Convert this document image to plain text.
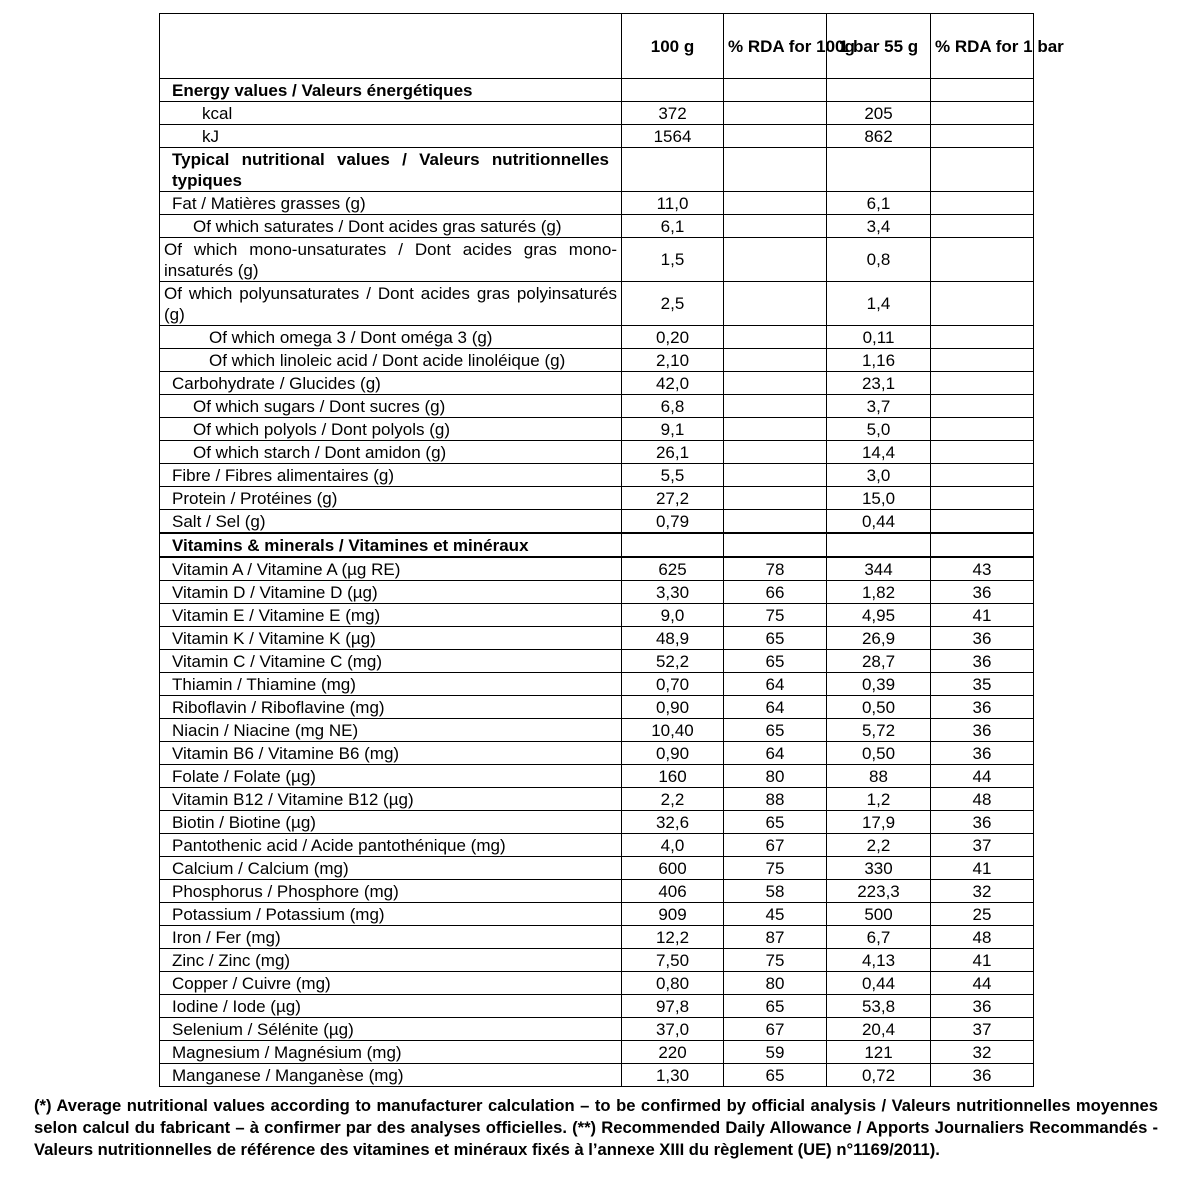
	100 g	% RDA for 100g	1 bar 55 g	% RDA for 1 bar
Energy values / Valeurs énergétiques				
kcal	372		205	
kJ	1564		862	
Typical nutritional values / Valeurs nutritionnelles typiques				
Fat / Matières grasses (g)	11,0		6,1	
Of which saturates / Dont acides gras saturés (g)	6,1		3,4	
Of which mono-unsaturates / Dont acides gras mono-insaturés (g)	1,5		0,8	
Of which polyunsaturates / Dont acides gras polyinsaturés (g)	2,5		1,4	
Of which omega 3 / Dont oméga 3 (g)	0,20		0,11	
Of which linoleic acid / Dont acide linoléique (g)	2,10		1,16	
Carbohydrate / Glucides (g)	42,0		23,1	
Of which sugars / Dont sucres (g)	6,8		3,7	
Of which polyols / Dont polyols (g)	9,1		5,0	
Of which starch / Dont amidon (g)	26,1		14,4	
Fibre / Fibres alimentaires (g)	5,5		3,0	
Protein / Protéines (g)	27,2		15,0	
Salt / Sel (g)	0,79		0,44	
Vitamins & minerals / Vitamines et minéraux				
Vitamin A / Vitamine A (µg RE)	625	78	344	43
Vitamin D / Vitamine D (µg)	3,30	66	1,82	36
Vitamin E / Vitamine E (mg)	9,0	75	4,95	41
Vitamin K / Vitamine K (µg)	48,9	65	26,9	36
Vitamin C / Vitamine C (mg)	52,2	65	28,7	36
Thiamin / Thiamine (mg)	0,70	64	0,39	35
Riboflavin / Riboflavine (mg)	0,90	64	0,50	36
Niacin / Niacine (mg NE)	10,40	65	5,72	36
Vitamin B6 / Vitamine B6 (mg)	0,90	64	0,50	36
Folate / Folate (µg)	160	80	88	44
Vitamin B12 / Vitamine B12 (µg)	2,2	88	1,2	48
Biotin / Biotine (µg)	32,6	65	17,9	36
Pantothenic acid / Acide pantothénique (mg)	4,0	67	2,2	37
Calcium / Calcium (mg)	600	75	330	41
Phosphorus / Phosphore (mg)	406	58	223,3	32
Potassium / Potassium (mg)	909	45	500	25
Iron / Fer (mg)	12,2	87	6,7	48
Zinc / Zinc (mg)	7,50	75	4,13	41
Copper / Cuivre (mg)	0,80	80	0,44	44
Iodine / Iode (µg)	97,8	65	53,8	36
Selenium / Sélénite (µg)	37,0	67	20,4	37
Magnesium / Magnésium (mg)	220	59	121	32
Manganese / Manganèse (mg)	1,30	65	0,72	36
(*) Average nutritional values according to manufacturer calculation – to be confirmed by official analysis / Valeurs nutritionnelles moyennes selon calcul du fabricant – à confirmer par des analyses officielles. (**) Recommended Daily Allowance / Apports Journaliers Recommandés - Valeurs nutritionnelles de référence des vitamines et minéraux fixés à l’annexe XIII du règlement (UE) n°1169/2011).
